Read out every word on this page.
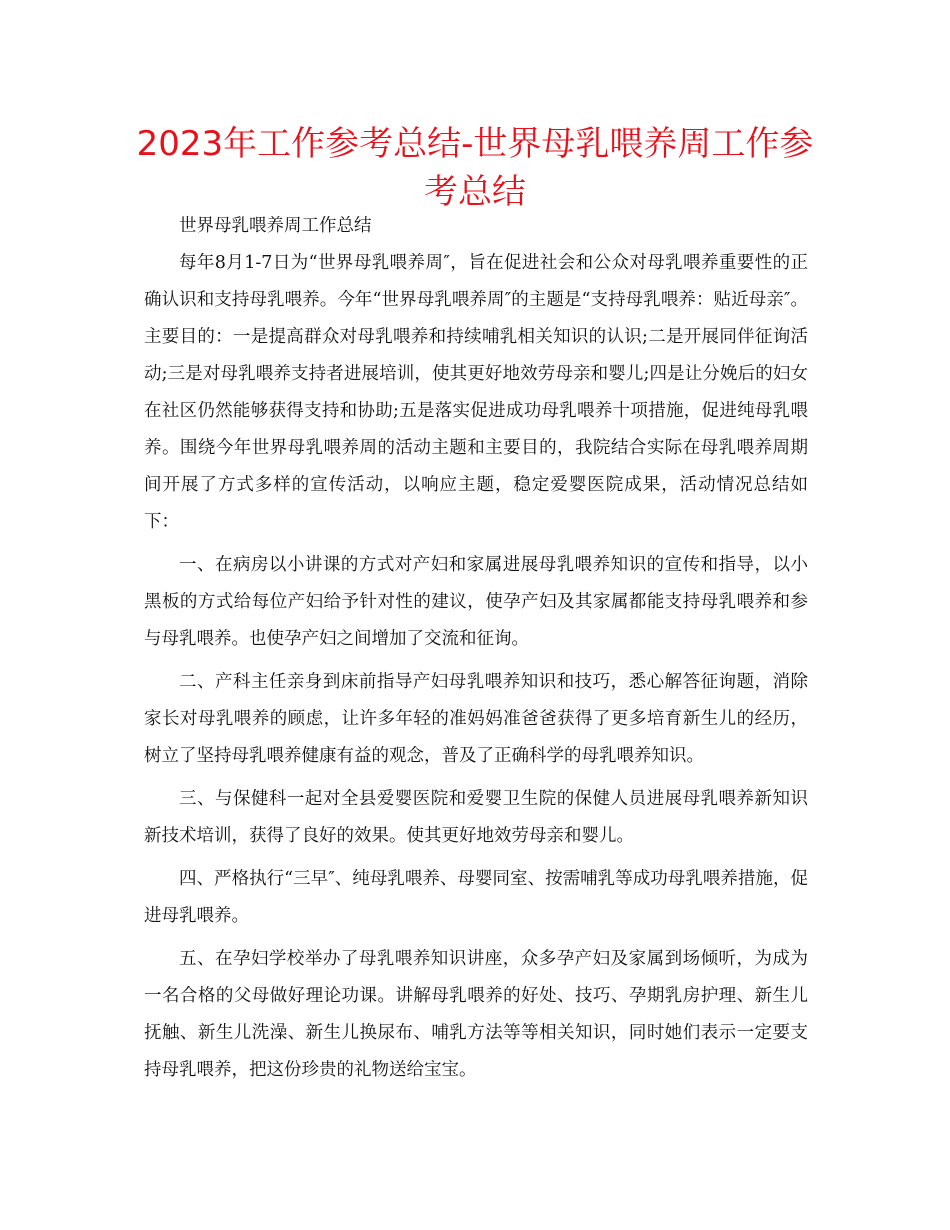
2023年工作参考总结-世界母乳喂养周工作参考总结

世界母乳喂养周工作总结

每年8月1-7日为“世界母乳喂养周″，旨在促进社会和公众对母乳喂养重要性的正确认识和支持母乳喂养。今年“世界母乳喂养周″的主题是“支持母乳喂养：贴近母亲″。主要目的：一是提高群众对母乳喂养和持续哺乳相关知识的认识;二是开展同伴征询活动;三是对母乳喂养支持者进展培训，使其更好地效劳母亲和婴儿;四是让分娩后的妇女在社区仍然能够获得支持和协助;五是落实促进成功母乳喂养十项措施，促进纯母乳喂养。围绕今年世界母乳喂养周的活动主题和主要目的，我院结合实际在母乳喂养周期间开展了方式多样的宣传活动，以响应主题，稳定爱婴医院成果，活动情况总结如下：

一、在病房以小讲课的方式对产妇和家属进展母乳喂养知识的宣传和指导，以小黑板的方式给每位产妇给予针对性的建议，使孕产妇及其家属都能支持母乳喂养和参与母乳喂养。也使孕产妇之间增加了交流和征询。

二、产科主任亲身到床前指导产妇母乳喂养知识和技巧，悉心解答征询题，消除家长对母乳喂养的顾虑，让许多年轻的准妈妈准爸爸获得了更多培育新生儿的经历，树立了坚持母乳喂养健康有益的观念，普及了正确科学的母乳喂养知识。

三、与保健科一起对全县爱婴医院和爱婴卫生院的保健人员进展母乳喂养新知识新技术培训，获得了良好的效果。使其更好地效劳母亲和婴儿。

四、严格执行“三早″、纯母乳喂养、母婴同室、按需哺乳等成功母乳喂养措施，促进母乳喂养。

五、在孕妇学校举办了母乳喂养知识讲座，众多孕产妇及家属到场倾听，为成为一名合格的父母做好理论功课。讲解母乳喂养的好处、技巧、孕期乳房护理、新生儿抚触、新生儿洗澡、新生儿换尿布、哺乳方法等等相关知识，同时她们表示一定要支持母乳喂养，把这份珍贵的礼物送给宝宝。
